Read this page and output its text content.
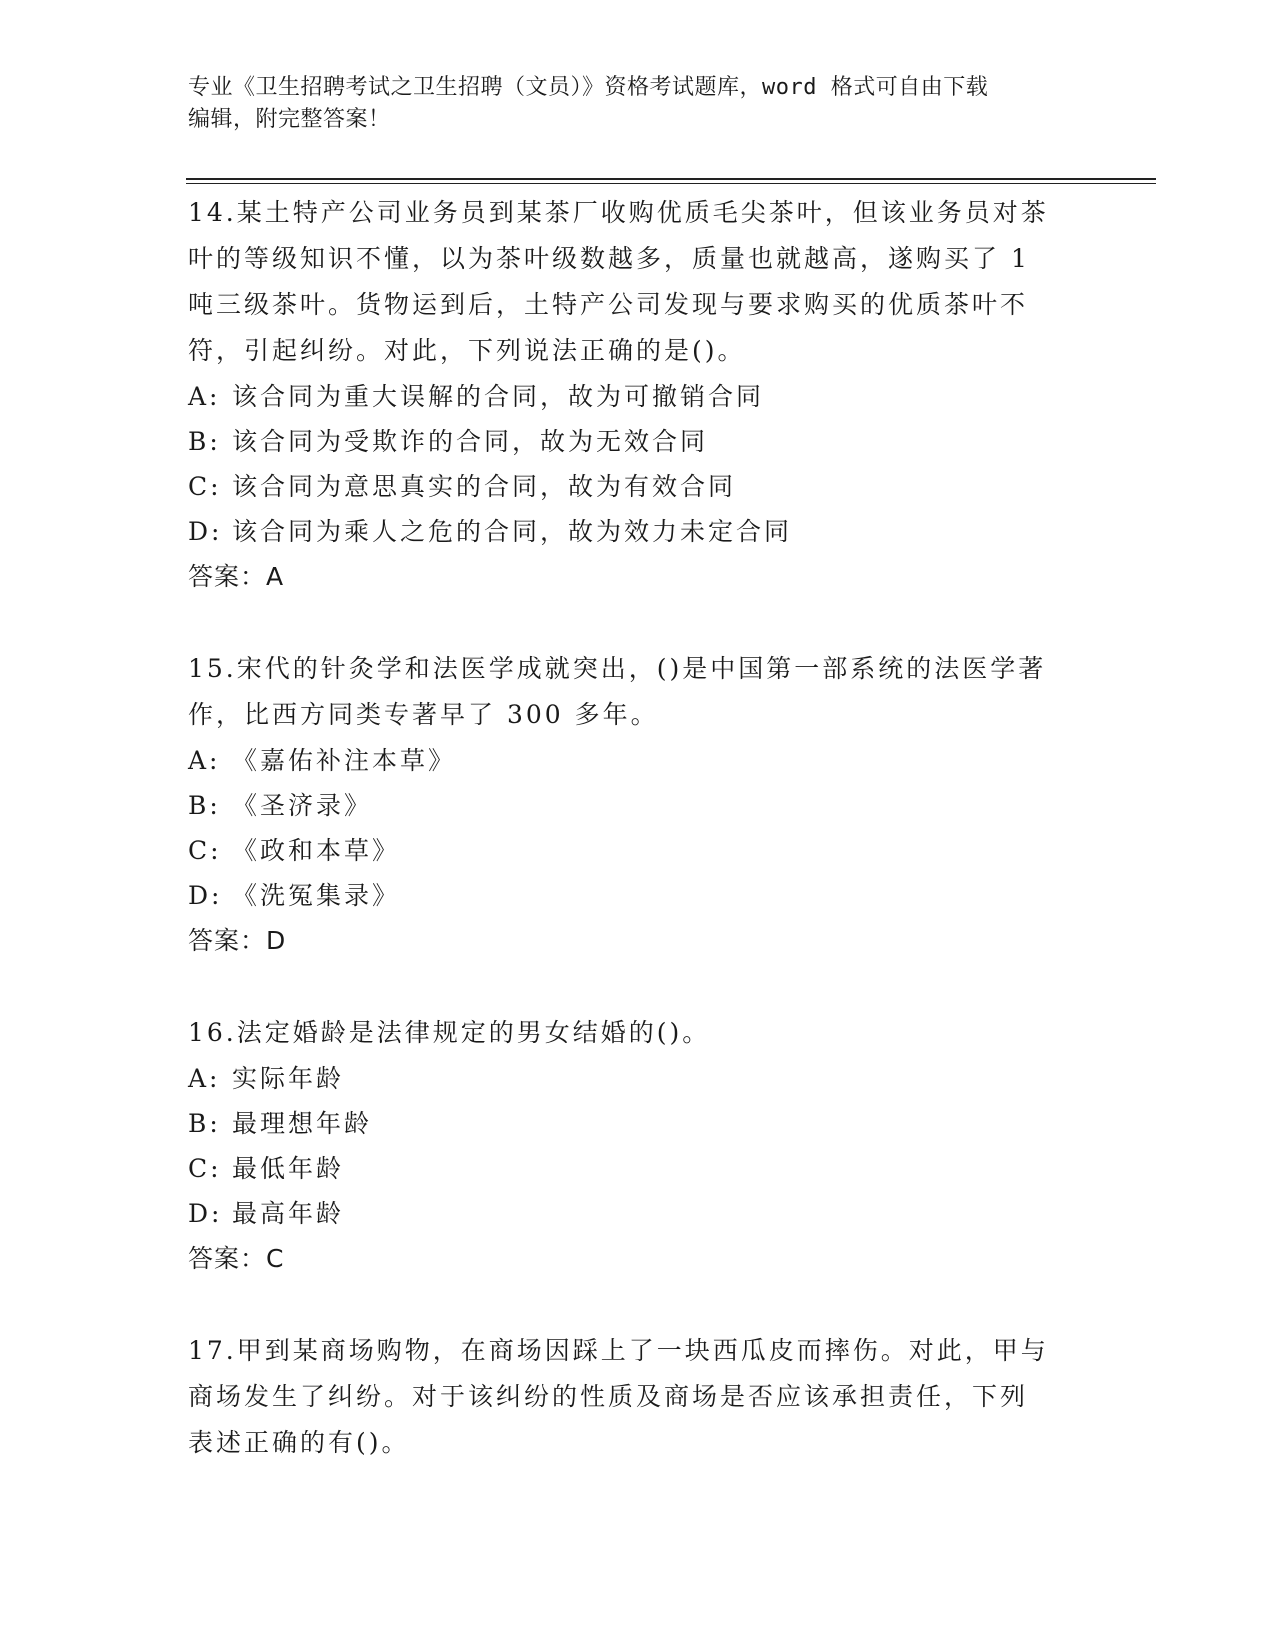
专业《卫生招聘考试之卫生招聘（文员）》资格考试题库，word 格式可自由下载
编辑，附完整答案！

14.某土特产公司业务员到某茶厂收购优质毛尖茶叶，但该业务员对茶
叶的等级知识不懂，以为茶叶级数越多，质量也就越高，遂购买了 1
吨三级茶叶。货物运到后，土特产公司发现与要求购买的优质茶叶不
符，引起纠纷。对此，下列说法正确的是()。

A: 该合同为重大误解的合同，故为可撤销合同

B: 该合同为受欺诈的合同，故为无效合同

C: 该合同为意思真实的合同，故为有效合同

D: 该合同为乘人之危的合同，故为效力未定合同

答案：A

15.宋代的针灸学和法医学成就突出，()是中国第一部系统的法医学著
作，比西方同类专著早了 300 多年。

A: 《嘉佑补注本草》

B: 《圣济录》

C: 《政和本草》

D: 《洗冤集录》

答案：D

16.法定婚龄是法律规定的男女结婚的()。

A: 实际年龄

B: 最理想年龄

C: 最低年龄

D: 最高年龄

答案：C

17.甲到某商场购物，在商场因踩上了一块西瓜皮而摔伤。对此，甲与
商场发生了纠纷。对于该纠纷的性质及商场是否应该承担责任，下列
表述正确的有()。
